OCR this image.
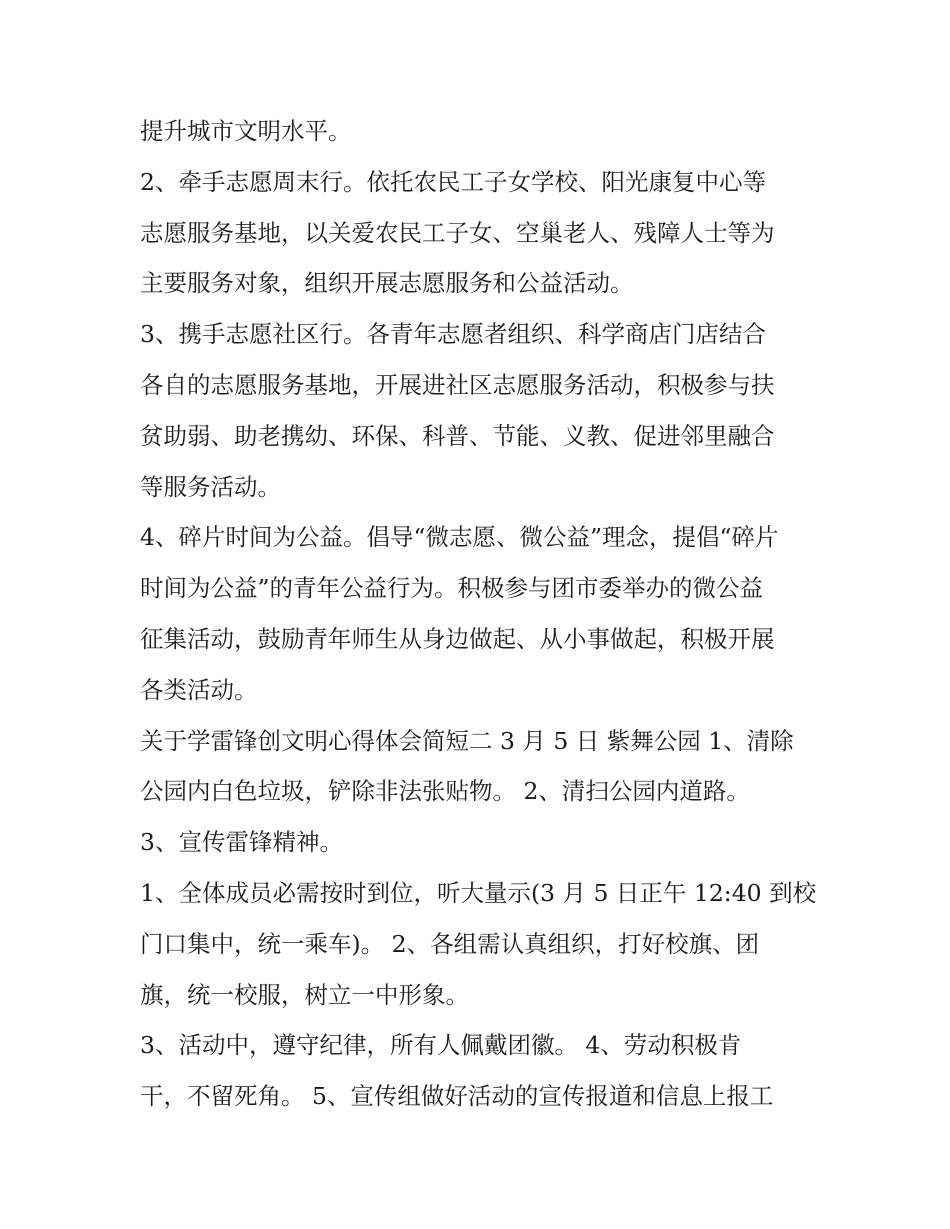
提升城市文明水平。
2、牵手志愿周末行。依托农民工子女学校、阳光康复中心等
志愿服务基地，以关爱农民工子女、空巢老人、残障人士等为
主要服务对象，组织开展志愿服务和公益活动。
3、携手志愿社区行。各青年志愿者组织、科学商店门店结合
各自的志愿服务基地，开展进社区志愿服务活动，积极参与扶
贫助弱、助老携幼、环保、科普、节能、义教、促进邻里融合
等服务活动。
4、碎片时间为公益。倡导“微志愿、微公益”理念，提倡“碎片
时间为公益”的青年公益行为。积极参与团市委举办的微公益
征集活动，鼓励青年师生从身边做起、从小事做起，积极开展
各类活动。
关于学雷锋创文明心得体会简短二 3 月 5 日 紫舞公园 1、清除
公园内白色垃圾，铲除非法张贴物。 2、清扫公园内道路。
3、宣传雷锋精神。
1、全体成员必需按时到位，听大量示(3 月 5 日正午 12:40 到校
门口集中，统一乘车)。 2、各组需认真组织，打好校旗、团
旗，统一校服，树立一中形象。
3、活动中，遵守纪律，所有人佩戴团徽。 4、劳动积极肯
干，不留死角。 5、宣传组做好活动的宣传报道和信息上报工
